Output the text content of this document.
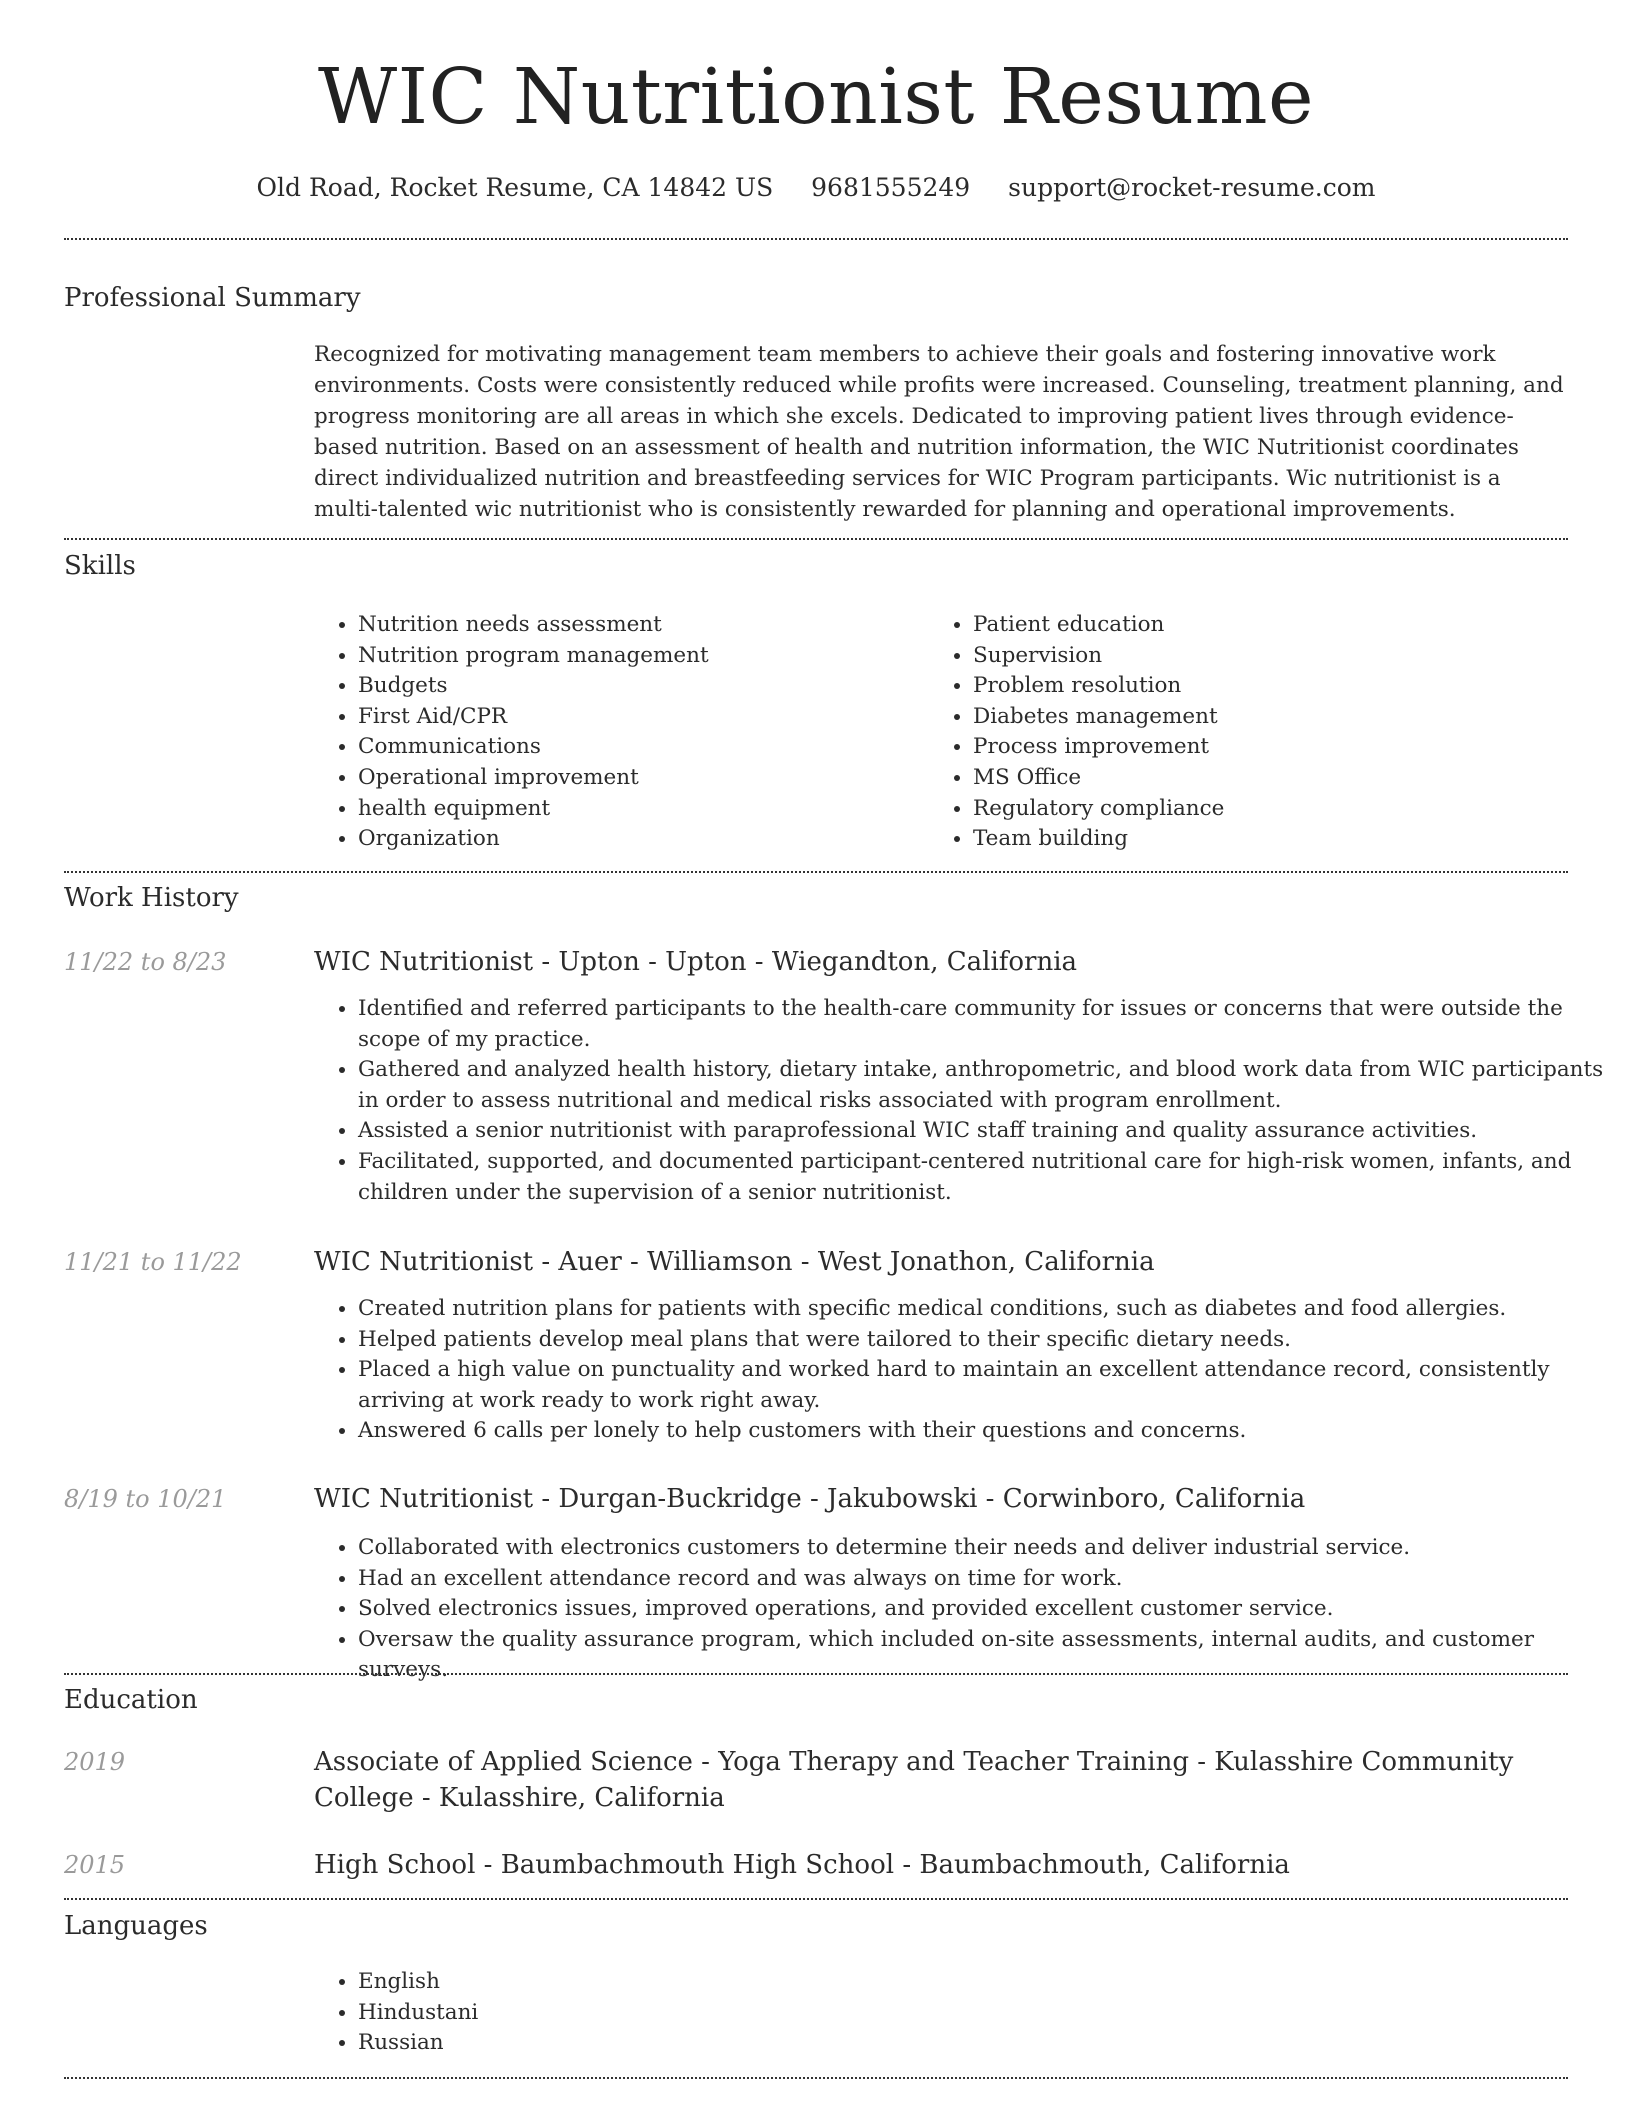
WIC Nutritionist Resume
Old Road, Rocket Resume, CA 14842 US 9681555249 support@rocket-resume.com
Professional Summary
Recognized for motivating management team members to achieve their goals and fostering innovative work environments. Costs were consistently reduced while profits were increased. Counseling, treatment planning, and progress monitoring are all areas in which she excels. Dedicated to improving patient lives through evidence-based nutrition. Based on an assessment of health and nutrition information, the WIC Nutritionist coordinates direct individualized nutrition and breastfeeding services for WIC Program participants. Wic nutritionist is a multi-talented wic nutritionist who is consistently rewarded for planning and operational improvements.
Skills
• Nutrition needs assessment
• Nutrition program management
• Budgets
• First Aid/CPR
• Communications
• Operational improvement
• health equipment
• Organization
• Patient education
• Supervision
• Problem resolution
• Diabetes management
• Process improvement
• MS Office
• Regulatory compliance
• Team building
Work History
11/22 to 8/23	WIC Nutritionist - Upton - Upton - Wiegandton, California
• Identified and referred participants to the health-care community for issues or concerns that were outside the scope of my practice.
• Gathered and analyzed health history, dietary intake, anthropometric, and blood work data from WIC participants in order to assess nutritional and medical risks associated with program enrollment.
• Assisted a senior nutritionist with paraprofessional WIC staff training and quality assurance activities.
• Facilitated, supported, and documented participant-centered nutritional care for high-risk women, infants, and children under the supervision of a senior nutritionist.
11/21 to 11/22	WIC Nutritionist - Auer - Williamson - West Jonathon, California
• Created nutrition plans for patients with specific medical conditions, such as diabetes and food allergies.
• Helped patients develop meal plans that were tailored to their specific dietary needs.
• Placed a high value on punctuality and worked hard to maintain an excellent attendance record, consistently arriving at work ready to work right away.
• Answered 6 calls per lonely to help customers with their questions and concerns.
8/19 to 10/21	WIC Nutritionist - Durgan-Buckridge - Jakubowski - Corwinboro, California
• Collaborated with electronics customers to determine their needs and deliver industrial service.
• Had an excellent attendance record and was always on time for work.
• Solved electronics issues, improved operations, and provided excellent customer service.
• Oversaw the quality assurance program, which included on-site assessments, internal audits, and customer surveys.
Education
2019	Associate of Applied Science - Yoga Therapy and Teacher Training - Kulasshire Community College - Kulasshire, California
2015	High School - Baumbachmouth High School - Baumbachmouth, California
Languages
• English
• Hindustani
• Russian
